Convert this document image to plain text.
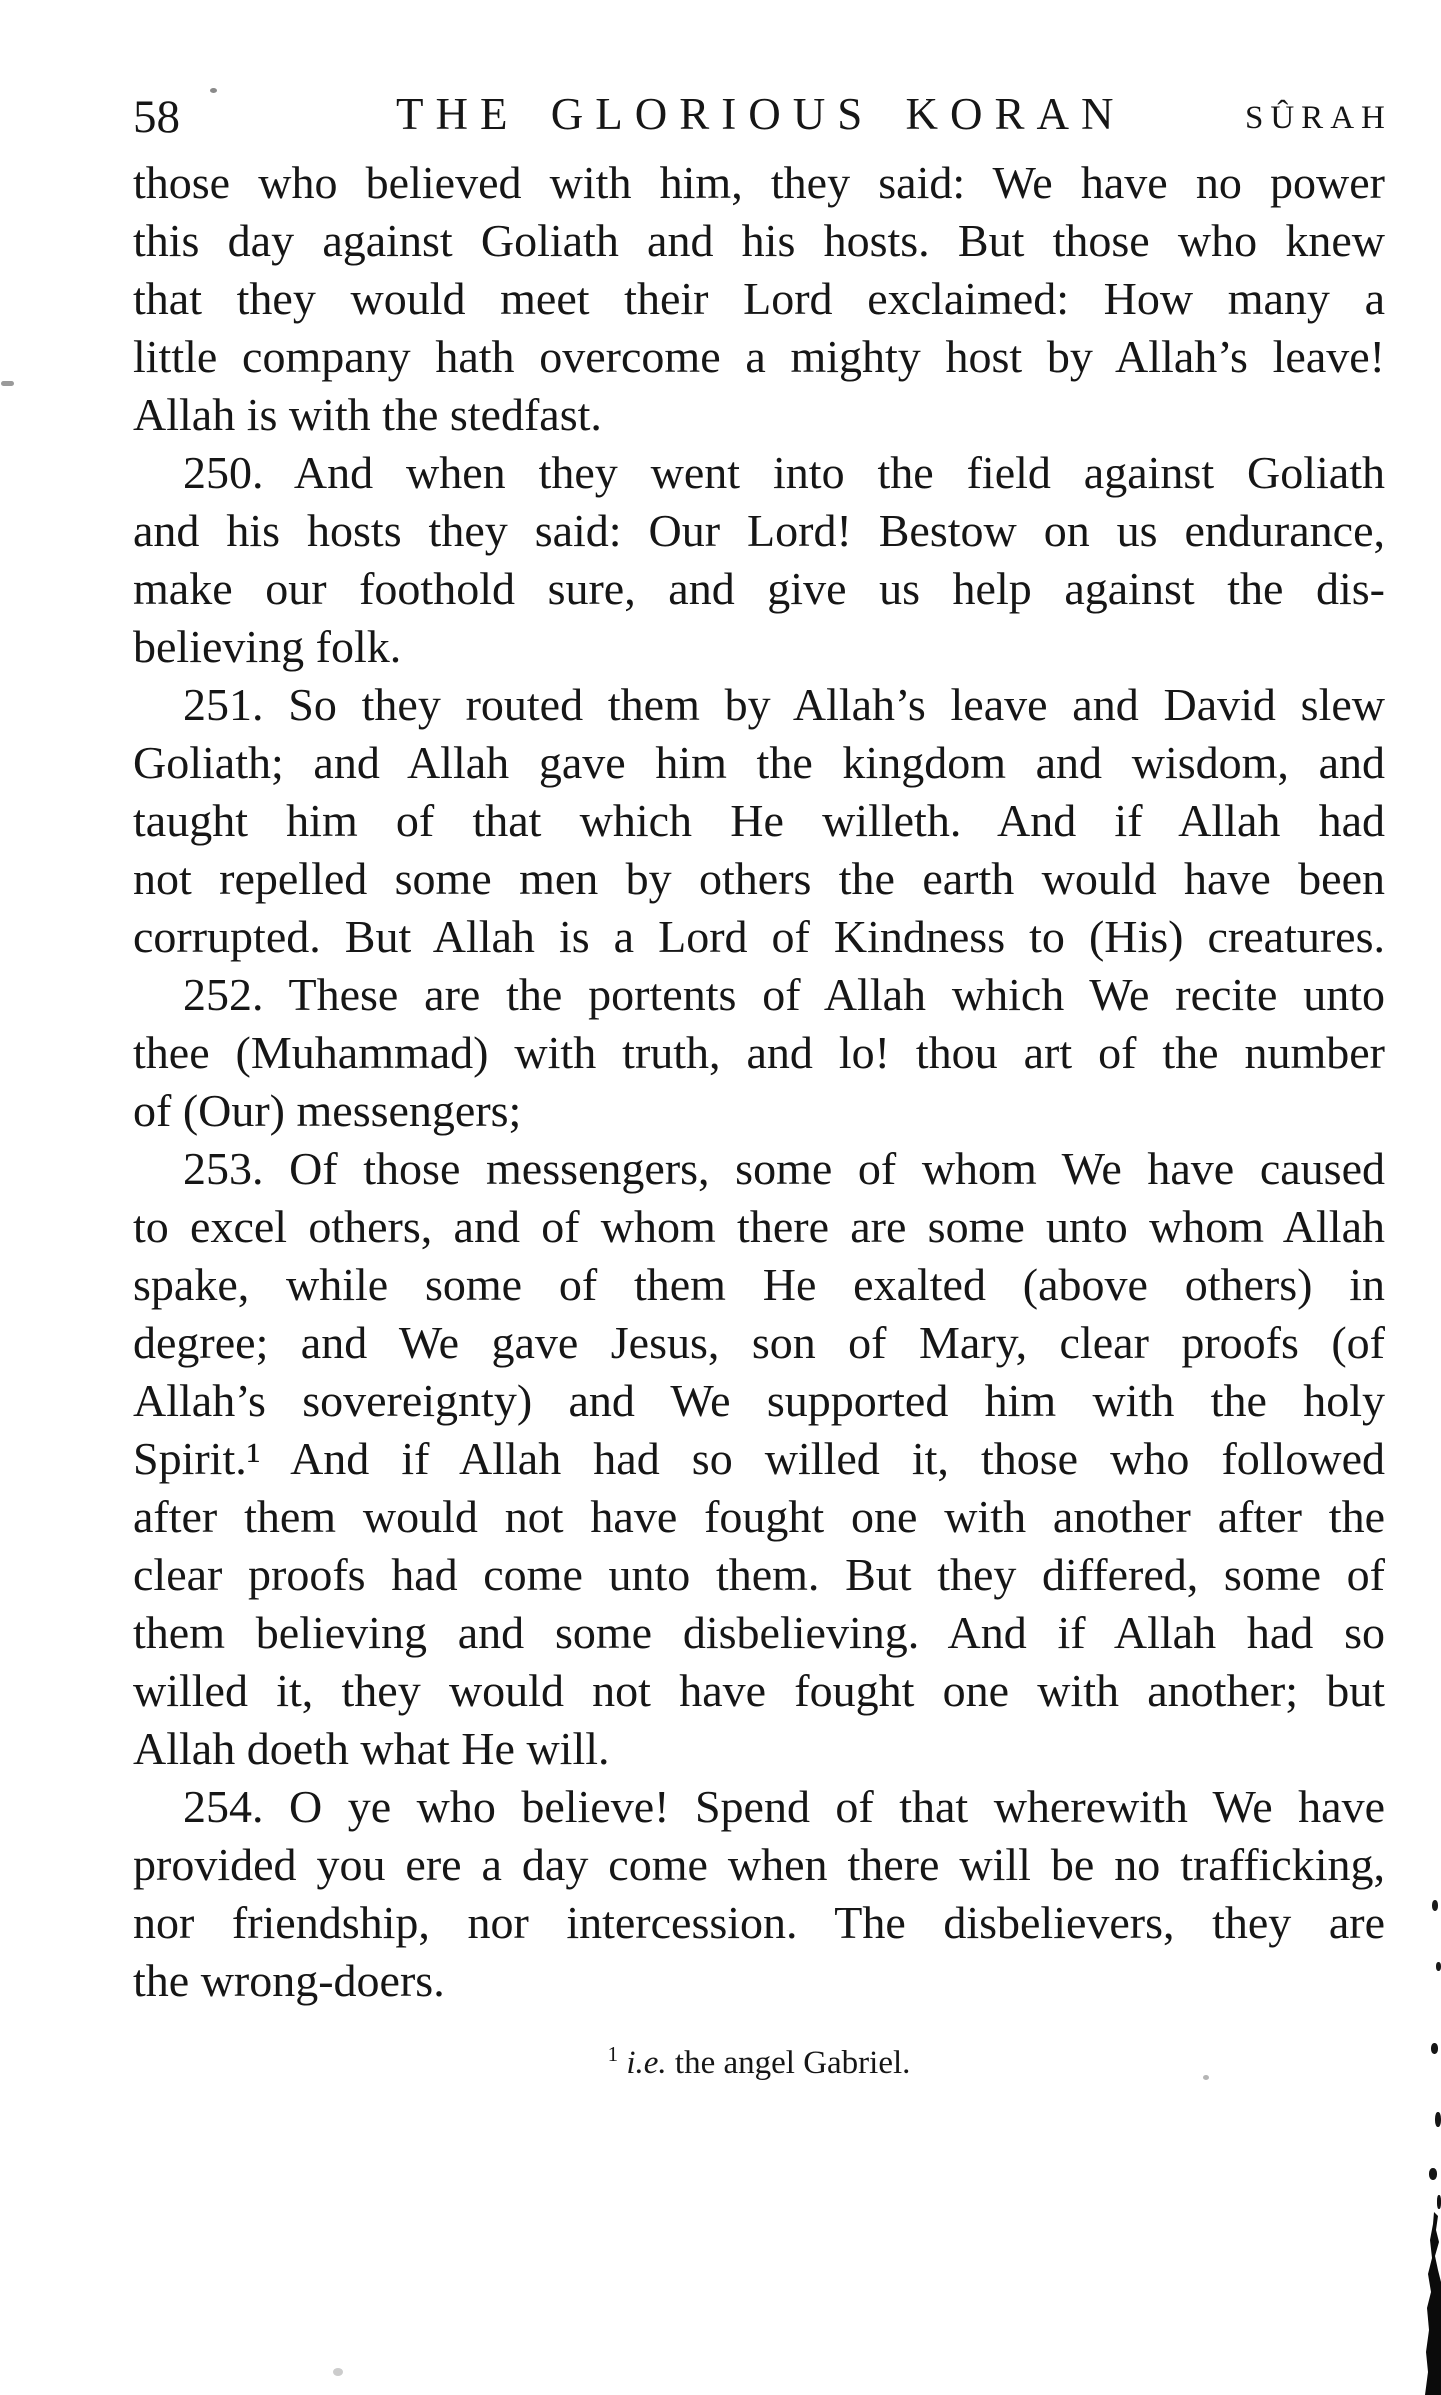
58	THE GLORIOUS KORAN	SÛRAH
those who believed with him, they said: We have no power
this day against Goliath and his hosts. But those who knew
that they would meet their Lord exclaimed: How many a
little company hath overcome a mighty host by Allah’s leave!
Allah is with the stedfast.
250. And when they went into the field against Goliath
and his hosts they said: Our Lord! Bestow on us endurance,
make our foothold sure, and give us help against the dis-
believing folk.
251. So they routed them by Allah’s leave and David slew
Goliath; and Allah gave him the kingdom and wisdom, and
taught him of that which He willeth. And if Allah had
not repelled some men by others the earth would have been
corrupted. But Allah is a Lord of Kindness to (His) creatures.
252. These are the portents of Allah which We recite unto
thee (Muhammad) with truth, and lo! thou art of the number
of (Our) messengers;
253. Of those messengers, some of whom We have caused
to excel others, and of whom there are some unto whom Allah
spake, while some of them He exalted (above others) in
degree; and We gave Jesus, son of Mary, clear proofs (of
Allah’s sovereignty) and We supported him with the holy
Spirit.¹ And if Allah had so willed it, those who followed
after them would not have fought one with another after the
clear proofs had come unto them. But they differed, some of
them believing and some disbelieving. And if Allah had so
willed it, they would not have fought one with another; but
Allah doeth what He will.
254. O ye who believe! Spend of that wherewith We have
provided you ere a day come when there will be no trafficking,
nor friendship, nor intercession. The disbelievers, they are
the wrong-doers.
$^1$ i.e. the angel Gabriel.
